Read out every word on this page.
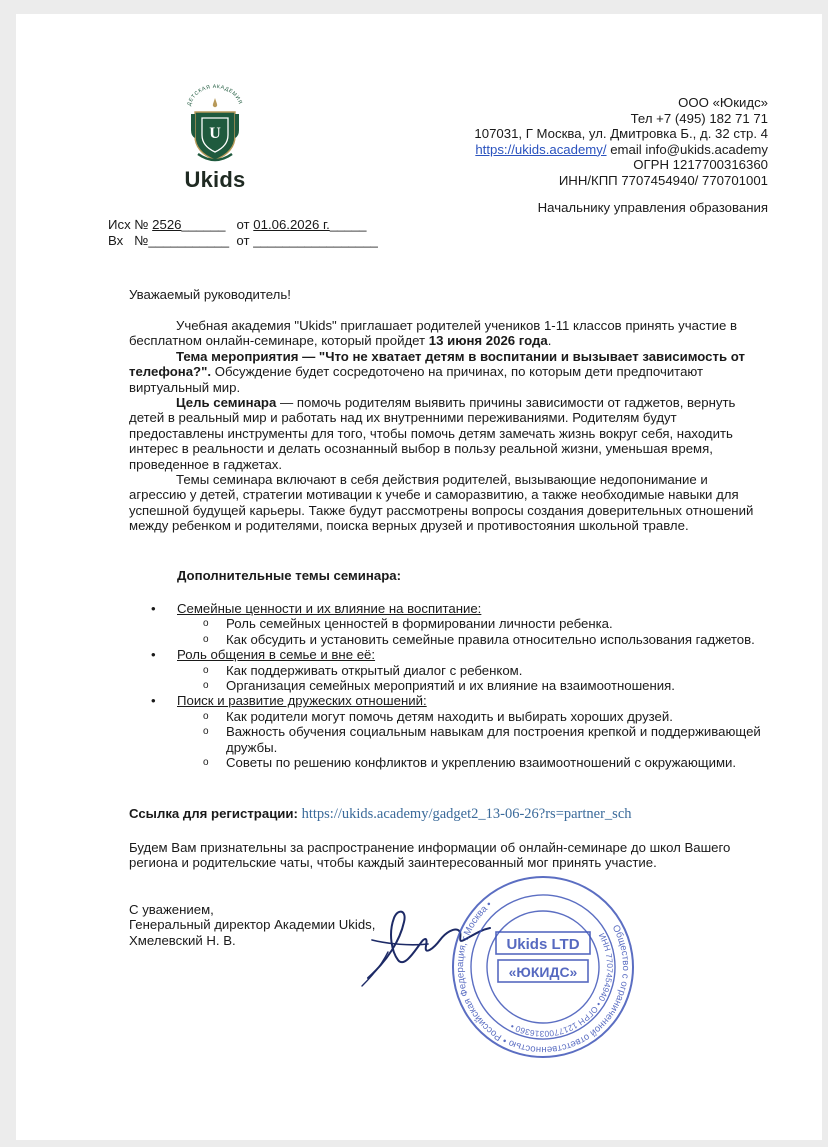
ДЕТСКАЯ АКАДЕМИЯ
U
Ukids
ООО «Юкидс»
Тел +7 (495) 182 71 71
107031, Г Москва, ул. Дмитровка Б., д. 32 стр. 4
https://ukids.academy/ email info@ukids.academy
ОГРН 1217700316360
ИНН/КПП 7707454940/ 770701001
Начальнику управления образования
Исх № 2526______ от 01.06.2026 г._____
Вх №___________ от _________________
Уважаемый руководитель!

Учебная академия "Ukids" приглашает родителей учеников 1-11 классов принять участие в бесплатном онлайн-семинаре, который пройдет 13 июня 2026 года.

Тема мероприятия — "Что не хватает детям в воспитании и вызывает зависимость от телефона?". Обсуждение будет сосредоточено на причинах, по которым дети предпочитают виртуальный мир.

Цель семинара — помочь родителям выявить причины зависимости от гаджетов, вернуть детей в реальный мир и работать над их внутренними переживаниями. Родителям будут предоставлены инструменты для того, чтобы помочь детям замечать жизнь вокруг себя, находить интерес в реальности и делать осознанный выбор в пользу реальной жизни, уменьшая время, проведенное в гаджетах.

Темы семинара включают в себя действия родителей, вызывающие недопонимание и агрессию у детей, стратегии мотивации к учебе и саморазвитию, а также необходимые навыки для успешной будущей карьеры. Также будут рассмотрены вопросы создания доверительных отношений между ребенком и родителями, поиска верных друзей и противостояния школьной травле.

Дополнительные темы семинара:
• Семейные ценности и их влияние на воспитание:
o Роль семейных ценностей в формировании личности ребенка.
o Как обсудить и установить семейные правила относительно использования гаджетов.
• Роль общения в семье и вне её:
o Как поддерживать открытый диалог с ребенком.
o Организация семейных мероприятий и их влияние на взаимоотношения.
• Поиск и развитие дружеских отношений:
o Как родители могут помочь детям находить и выбирать хороших друзей.
o Важность обучения социальным навыкам для построения крепкой и поддерживающей дружбы.
o Советы по решению конфликтов и укреплению взаимоотношений с окружающими.
Ссылка для регистрации: https://ukids.academy/gadget2_13-06-26?rs=partner_sch
Будем Вам признательны за распространение информации об онлайн-семинаре до школ Вашего региона и родительские чаты, чтобы каждый заинтересованный мог принять участие.
С уважением,
Генеральный директор Академии Ukids,
Хмелевский Н. В.
Общество с ограниченной ответственностью • Российская Федерация, г.Москва •
ИНН 7707454940 • ОГРН 1217700316360 •
Ukids LTD
«ЮКИДС»
